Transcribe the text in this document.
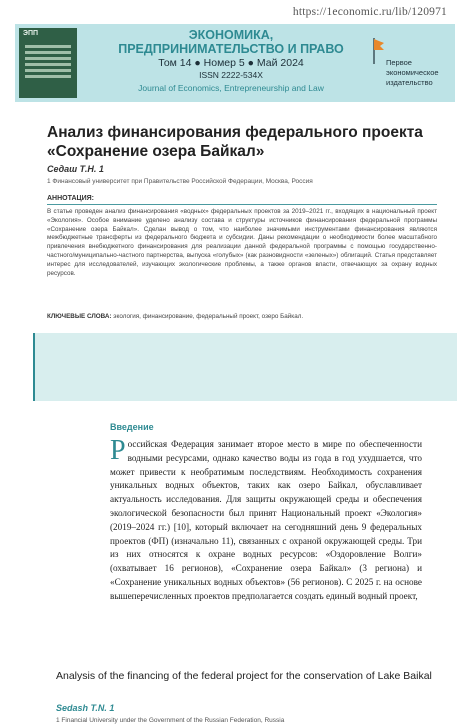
https://1economic.ru/lib/120971
ЭПП	ЭКОНОМИКА,
ПРЕДПРИНИМАТЕЛЬСТВО И ПРАВО
Том 14 ● Номер 5 ● Май 2024
ISSN 2222-534X
Journal of Economics, Entrepreneurship and Law
Первое экономическое издательство
Анализ финансирования федерального проекта «Сохранение озера Байкал»
Седаш Т.Н. 1
1 Финансовый университет при Правительстве Российской Федерации, Москва, Россия
АННОТАЦИЯ:

В статье проведен анализ финансирования «водных» федеральных проектов за 2019–2021 гг., входящих в национальный проект «Экология». Особое внимание уделено анализу состава и структуры источников финансирования федеральной программы «Сохранение озера Байкал». Сделан вывод о том, что наиболее значимыми инструментами финансирования являются межбюджетные трансферты из федерального бюджета и субсидии. Даны рекомендации о необходимости более масштабного привлечения внебюджетного финансирования для реализации данной федеральной программы с помощью государственно-частного/муниципально-частного партнерства, выпуска «голубых» (как разновидности «зеленых») облигаций. Статья представляет интерес для исследователей, изучающих экологические проблемы, а также органов власти, отвечающих за охрану водных ресурсов.

КЛЮЧЕВЫЕ СЛОВА: экология, финансирование, федеральный проект, озеро Байкал.

Analysis of the financing of the federal project for the conservation of Lake Baikal

Sedash T.N. 1
1 Financial University under the Government of the Russian Federation, Russia
Введение

Российская Федерация занимает второе место в мире по обеспеченности водными ресурсами, однако качество воды из года в год ухудшается, что может привести к необратимым последствиям. Необходимость сохранения уникальных водных объектов, таких как озеро Байкал, обуславливает актуальность исследования. Для защиты окружающей среды и обеспечения экологической безопасности был принят Национальный проект «Экология» (2019–2024 гг.) [10], который включает на сегодняшний день 9 федеральных проектов (ФП) (изначально 11), связанных с охраной окружающей среды. Три из них относятся к охране водных ресурсов: «Оздоровление Волги» (охватывает 16 регионов), «Сохранение озера Байкал» (3 региона) и «Сохранение уникальных водных объектов» (56 регионов). С 2025 г. на основе вышеперечисленных проектов предполагается создать единый водный проект,
